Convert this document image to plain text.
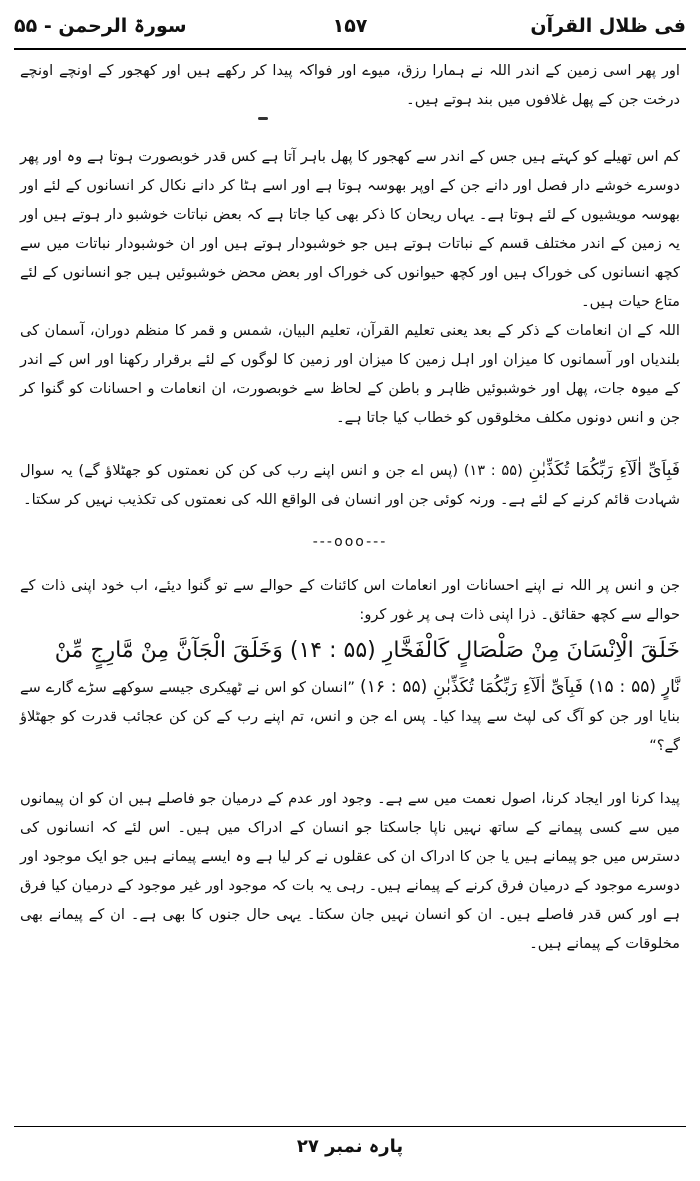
سورۃ الرحمن - ۵۵	۱۵۷	فی ظلال القرآن

اور پھر اسی زمین کے اندر اللہ نے ہمارا رزق، میوے اور فواکہ پیدا کر رکھے ہیں اور کھجور کے اونچے اونچے درخت جن کے پھل غلافوں میں بند ہوتے ہیں۔

کم اس تھیلے کو کہتے ہیں جس کے اندر سے کھجور کا پھل باہر آتا ہے کس قدر خوبصورت ہوتا ہے وہ اور پھر دوسرے خوشے دار فصل اور دانے جن کے اوپر بھوسہ ہوتا ہے اور اسے ہٹا کر دانے نکال کر انسانوں کے لئے اور بھوسہ مویشیوں کے لئے ہوتا ہے۔ یہاں ریحان کا ذکر بھی کیا جاتا ہے کہ بعض نباتات خوشبو دار ہوتے ہیں اور یہ زمین کے اندر مختلف قسم کے نباتات ہوتے ہیں جو خوشبودار ہوتے ہیں اور ان خوشبودار نباتات میں سے کچھ انسانوں کی خوراک ہیں اور کچھ حیوانوں کی خوراک اور بعض محض خوشبوئیں ہیں جو انسانوں کے لئے متاع حیات ہیں۔

اللہ کے ان انعامات کے ذکر کے بعد یعنی تعلیم القرآن، تعلیم البیان، شمس و قمر کا منظم دوران، آسمان کی بلندیاں اور آسمانوں کا میزان اور اہل زمین کا میزان اور زمین کا لوگوں کے لئے برقرار رکھنا اور اس کے اندر کے میوہ جات، پھل اور خوشبوئیں ظاہر و باطن کے لحاظ سے خوبصورت، ان انعامات و احسانات کو گنوا کر جن و انس دونوں مکلف مخلوقوں کو خطاب کیا جاتا ہے۔

فَبِاَیِّ اٰلَآءِ رَبِّکُمَا تُکَذِّبٰنِ (۵۵ : ۱۳) (پس اے جن و انس اپنے رب کی کن کن نعمتوں کو جھٹلاؤ گے) یہ سوال شہادت قائم کرنے کے لئے ہے۔ ورنہ کوئی جن اور انسان فی الواقع اللہ کی نعمتوں کی تکذیب نہیں کر سکتا۔

---ooo---

جن و انس پر اللہ نے اپنے احسانات اور انعامات اس کائنات کے حوالے سے تو گنوا دیئے، اب خود اپنی ذات کے حوالے سے کچھ حقائق۔ ذرا اپنی ذات ہی پر غور کرو:

خَلَقَ الْاِنْسَانَ مِنْ صَلْصَالٍ کَالْفَخَّارِ (۵۵ : ۱۴) وَخَلَقَ الْجَآنَّ مِنْ مَّارِجٍ مِّنْ

نَّارٍ (۵۵ : ۱۵) فَبِاَیِّ اٰلَآءِ رَبِّکُمَا تُکَذِّبٰنِ (۵۵ : ۱۶) ”انسان کو اس نے ٹھیکری جیسے سوکھے سڑے گارے سے بنایا اور جن کو آگ کی لپٹ سے پیدا کیا۔ پس اے جن و انس، تم اپنے رب کے کن کن عجائب قدرت کو جھٹلاؤ گے؟“

پیدا کرنا اور ایجاد کرنا، اصول نعمت میں سے ہے۔ وجود اور عدم کے درمیان جو فاصلے ہیں ان کو ان پیمانوں میں سے کسی پیمانے کے ساتھ نہیں ناپا جاسکتا جو انسان کے ادراک میں ہیں۔ اس لئے کہ انسانوں کی دسترس میں جو پیمانے ہیں یا جن کا ادراک ان کی عقلوں نے کر لیا ہے وہ ایسے پیمانے ہیں جو ایک موجود اور دوسرے موجود کے درمیان فرق کرنے کے پیمانے ہیں۔ رہی یہ بات کہ موجود اور غیر موجود کے درمیان کیا فرق ہے اور کس قدر فاصلے ہیں۔ ان کو انسان نہیں جان سکتا۔ یہی حال جنوں کا بھی ہے۔ ان کے پیمانے بھی مخلوقات کے پیمانے ہیں۔

پارہ نمبر ۲۷
